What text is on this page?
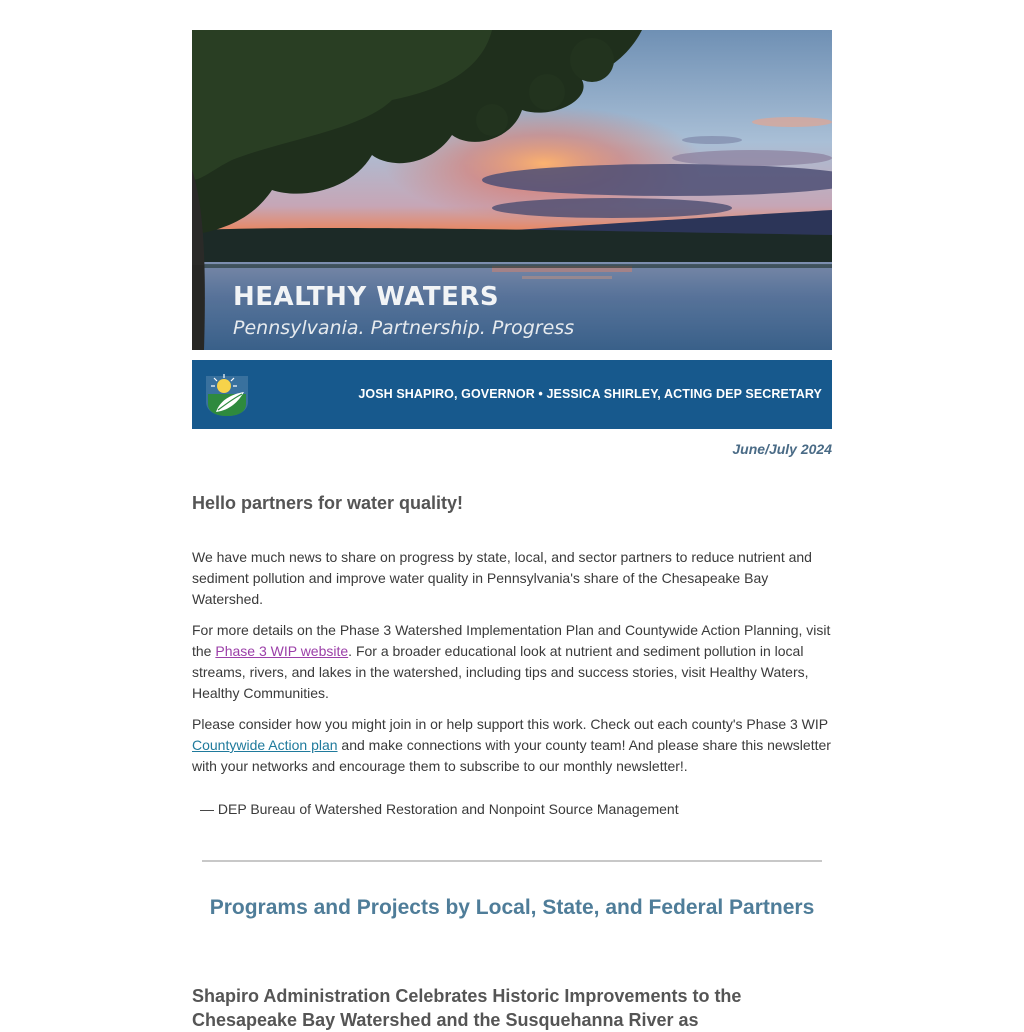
HEALTHY WATERS
Pennsylvania. Partnership. Progress
JOSH SHAPIRO, GOVERNOR • JESSICA SHIRLEY, ACTING DEP SECRETARY
June/July 2024
Hello partners for water quality!

We have much news to share on progress by state, local, and sector partners to reduce nutrient and sediment pollution and improve water quality in Pennsylvania's share of the Chesapeake Bay Watershed.

For more details on the Phase 3 Watershed Implementation Plan and Countywide Action Planning, visit the Phase 3 WIP website. For a broader educational look at nutrient and sediment pollution in local streams, rivers, and lakes in the watershed, including tips and success stories, visit Healthy Waters, Healthy Communities.

Please consider how you might join in or help support this work. Check out each county's Phase 3 WIP Countywide Action plan and make connections with your county team! And please share this newsletter with your networks and encourage them to subscribe to our monthly newsletter!.

— DEP Bureau of Watershed Restoration and Nonpoint Source Management
Programs and Projects by Local, State, and Federal Partners
Shapiro Administration Celebrates Historic Improvements to the Chesapeake Bay Watershed and the Susquehanna River as
